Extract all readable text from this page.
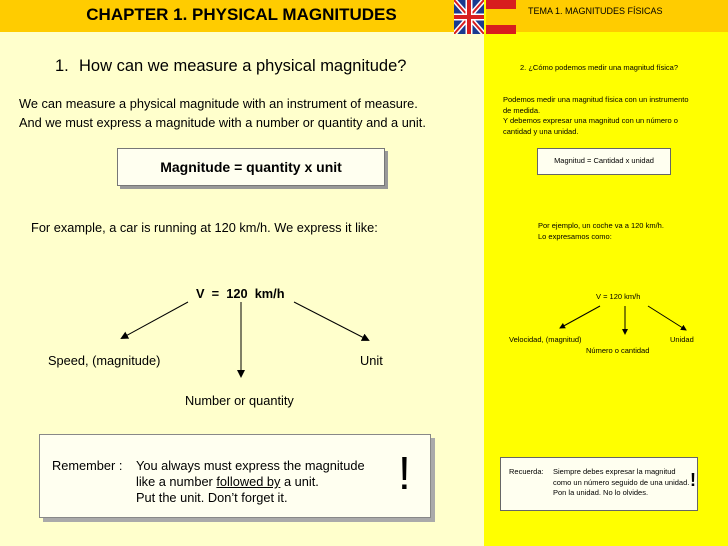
CHAPTER 1. PHYSICAL MAGNITUDES	TEMA 1. MAGNITUDES FÍSICAS
1. How can we measure a physical magnitude?
We can measure a physical magnitude with an instrument of measure.
And we must express a magnitude with a number or quantity and a unit.
Magnitude = quantity x unit
For example, a car is running at 120 km/h. We express it like:
V  =  120  km/h
Speed, (magnitude)	Unit
Number or quantity
Remember : You always must express the magnitude
like a number followed by a unit.
Put the unit. Don’t forget it.	!
2. ¿Cómo podemos medir una magnitud física?
Podemos medir una magnitud física con un instrumento
de medida.
Y debemos expresar una magnitud con un número o
cantidad y una unidad.
Magnitud = Cantidad x unidad
Por ejemplo, un coche va a 120 km/h.
Lo expresamos como:
V = 120 km/h
Velocidad, (magnitud)	Unidad
Número o cantidad
Recuerda: Siempre debes expresar la magnitud
como un número seguido de una unidad.
Pon la unidad. No lo olvides.
!
